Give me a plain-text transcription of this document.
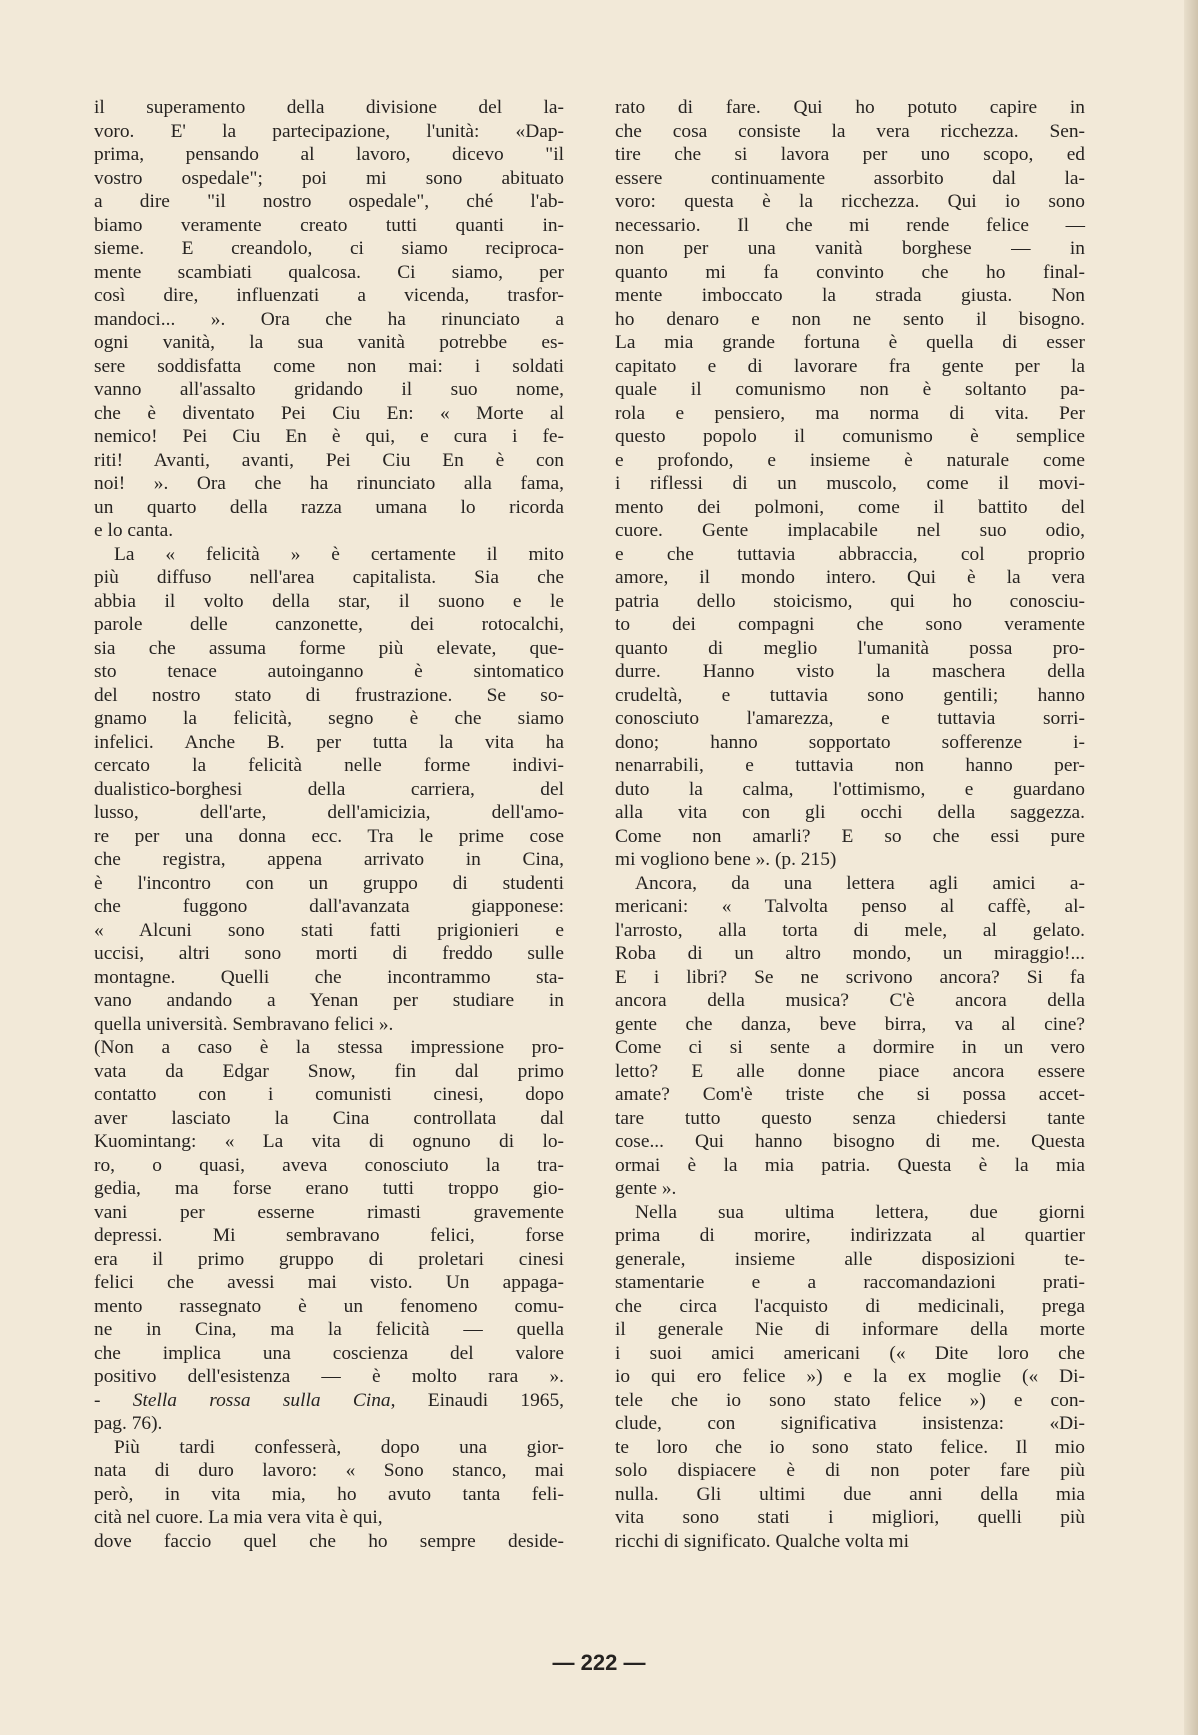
il superamento della divisione del la-
voro. E' la partecipazione, l'unità: «Dap-
prima, pensando al lavoro, dicevo "il
vostro ospedale"; poi mi sono abituato
a dire "il nostro ospedale", ché l'ab-
biamo veramente creato tutti quanti in-
sieme. E creandolo, ci siamo reciproca-
mente scambiati qualcosa. Ci siamo, per
così dire, influenzati a vicenda, trasfor-
mandoci... ». Ora che ha rinunciato a
ogni vanità, la sua vanità potrebbe es-
sere soddisfatta come non mai: i soldati
vanno all'assalto gridando il suo nome,
che è diventato Pei Ciu En: « Morte al
nemico! Pei Ciu En è qui, e cura i fe-
riti! Avanti, avanti, Pei Ciu En è con
noi! ». Ora che ha rinunciato alla fama,
un quarto della razza umana lo ricorda
e lo canta.
La « felicità » è certamente il mito
più diffuso nell'area capitalista. Sia che
abbia il volto della star, il suono e le
parole delle canzonette, dei rotocalchi,
sia che assuma forme più elevate, que-
sto tenace autoinganno è sintomatico
del nostro stato di frustrazione. Se so-
gnamo la felicità, segno è che siamo
infelici. Anche B. per tutta la vita ha
cercato la felicità nelle forme indivi-
dualistico-borghesi della carriera, del
lusso, dell'arte, dell'amicizia, dell'amo-
re per una donna ecc. Tra le prime cose
che registra, appena arrivato in Cina,
è l'incontro con un gruppo di studenti
che fuggono dall'avanzata giapponese:
« Alcuni sono stati fatti prigionieri e
uccisi, altri sono morti di freddo sulle
montagne. Quelli che incontrammo sta-
vano andando a Yenan per studiare in
quella università. Sembravano felici ».
(Non a caso è la stessa impressione pro-
vata da Edgar Snow, fin dal primo
contatto con i comunisti cinesi, dopo
aver lasciato la Cina controllata dal
Kuomintang: « La vita di ognuno di lo-
ro, o quasi, aveva conosciuto la tra-
gedia, ma forse erano tutti troppo gio-
vani per esserne rimasti gravemente
depressi. Mi sembravano felici, forse
era il primo gruppo di proletari cinesi
felici che avessi mai visto. Un appaga-
mento rassegnato è un fenomeno comu-
ne in Cina, ma la felicità — quella
che implica una coscienza del valore
positivo dell'esistenza — è molto rara ».
- Stella rossa sulla Cina, Einaudi 1965,
pag. 76).
Più tardi confesserà, dopo una gior-
nata di duro lavoro: « Sono stanco, mai
però, in vita mia, ho avuto tanta feli-
cità nel cuore. La mia vera vita è qui,
dove faccio quel che ho sempre deside-
rato di fare. Qui ho potuto capire in
che cosa consiste la vera ricchezza. Sen-
tire che si lavora per uno scopo, ed
essere continuamente assorbito dal la-
voro: questa è la ricchezza. Qui io sono
necessario. Il che mi rende felice —
non per una vanità borghese — in
quanto mi fa convinto che ho final-
mente imboccato la strada giusta. Non
ho denaro e non ne sento il bisogno.
La mia grande fortuna è quella di esser
capitato e di lavorare fra gente per la
quale il comunismo non è soltanto pa-
rola e pensiero, ma norma di vita. Per
questo popolo il comunismo è semplice
e profondo, e insieme è naturale come
i riflessi di un muscolo, come il movi-
mento dei polmoni, come il battito del
cuore. Gente implacabile nel suo odio,
e che tuttavia abbraccia, col proprio
amore, il mondo intero. Qui è la vera
patria dello stoicismo, qui ho conosciu-
to dei compagni che sono veramente
quanto di meglio l'umanità possa pro-
durre. Hanno visto la maschera della
crudeltà, e tuttavia sono gentili; hanno
conosciuto l'amarezza, e tuttavia sorri-
dono; hanno sopportato sofferenze i-
nenarrabili, e tuttavia non hanno per-
duto la calma, l'ottimismo, e guardano
alla vita con gli occhi della saggezza.
Come non amarli? E so che essi pure
mi vogliono bene ». (p. 215)
Ancora, da una lettera agli amici a-
mericani: « Talvolta penso al caffè, al-
l'arrosto, alla torta di mele, al gelato.
Roba di un altro mondo, un miraggio!...
E i libri? Se ne scrivono ancora? Si fa
ancora della musica? C'è ancora della
gente che danza, beve birra, va al cine?
Come ci si sente a dormire in un vero
letto? E alle donne piace ancora essere
amate? Com'è triste che si possa accet-
tare tutto questo senza chiedersi tante
cose... Qui hanno bisogno di me. Questa
ormai è la mia patria. Questa è la mia
gente ».
Nella sua ultima lettera, due giorni
prima di morire, indirizzata al quartier
generale, insieme alle disposizioni te-
stamentarie e a raccomandazioni prati-
che circa l'acquisto di medicinali, prega
il generale Nie di informare della morte
i suoi amici americani (« Dite loro che
io qui ero felice ») e la ex moglie (« Di-
tele che io sono stato felice ») e con-
clude, con significativa insistenza: «Di-
te loro che io sono stato felice. Il mio
solo dispiacere è di non poter fare più
nulla. Gli ultimi due anni della mia
vita sono stati i migliori, quelli più
ricchi di significato. Qualche volta mi
— 222 —
